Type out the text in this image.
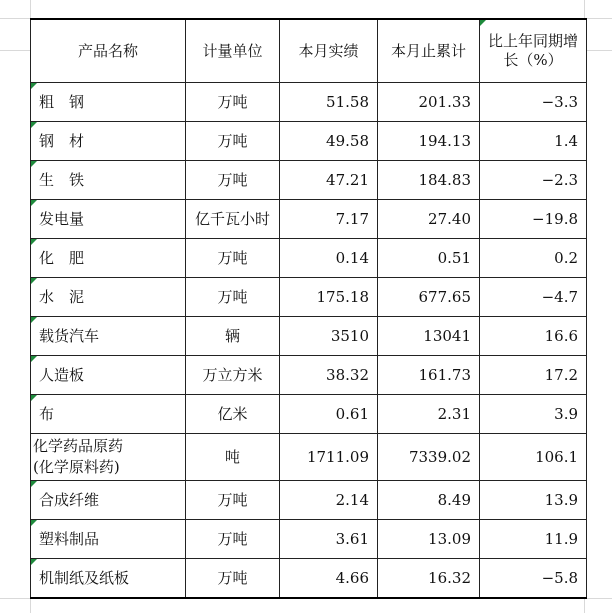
产品名称	计量单位	本月实绩	本月止累计	比上年同期增
长（%）

粗　钢	万吨	51.58	201.33	−3.3

钢　材	万吨	49.58	194.13	1.4

生　铁	万吨	47.21	184.83	−2.3

发电量	亿千瓦小时	7.17	27.40	−19.8

化　肥	万吨	0.14	0.51	0.2

水　泥	万吨	175.18	677.65	−4.7

载货汽车	辆	3510	13041	16.6

人造板	万立方米	38.32	161.73	17.2

布	亿米	0.61	2.31	3.9

化学药品原药
(化学原料药)	吨	1711.09	7339.02	106.1

合成纤维	万吨	2.14	8.49	13.9

塑料制品	万吨	3.61	13.09	11.9

机制纸及纸板	万吨	4.66	16.32	−5.8
